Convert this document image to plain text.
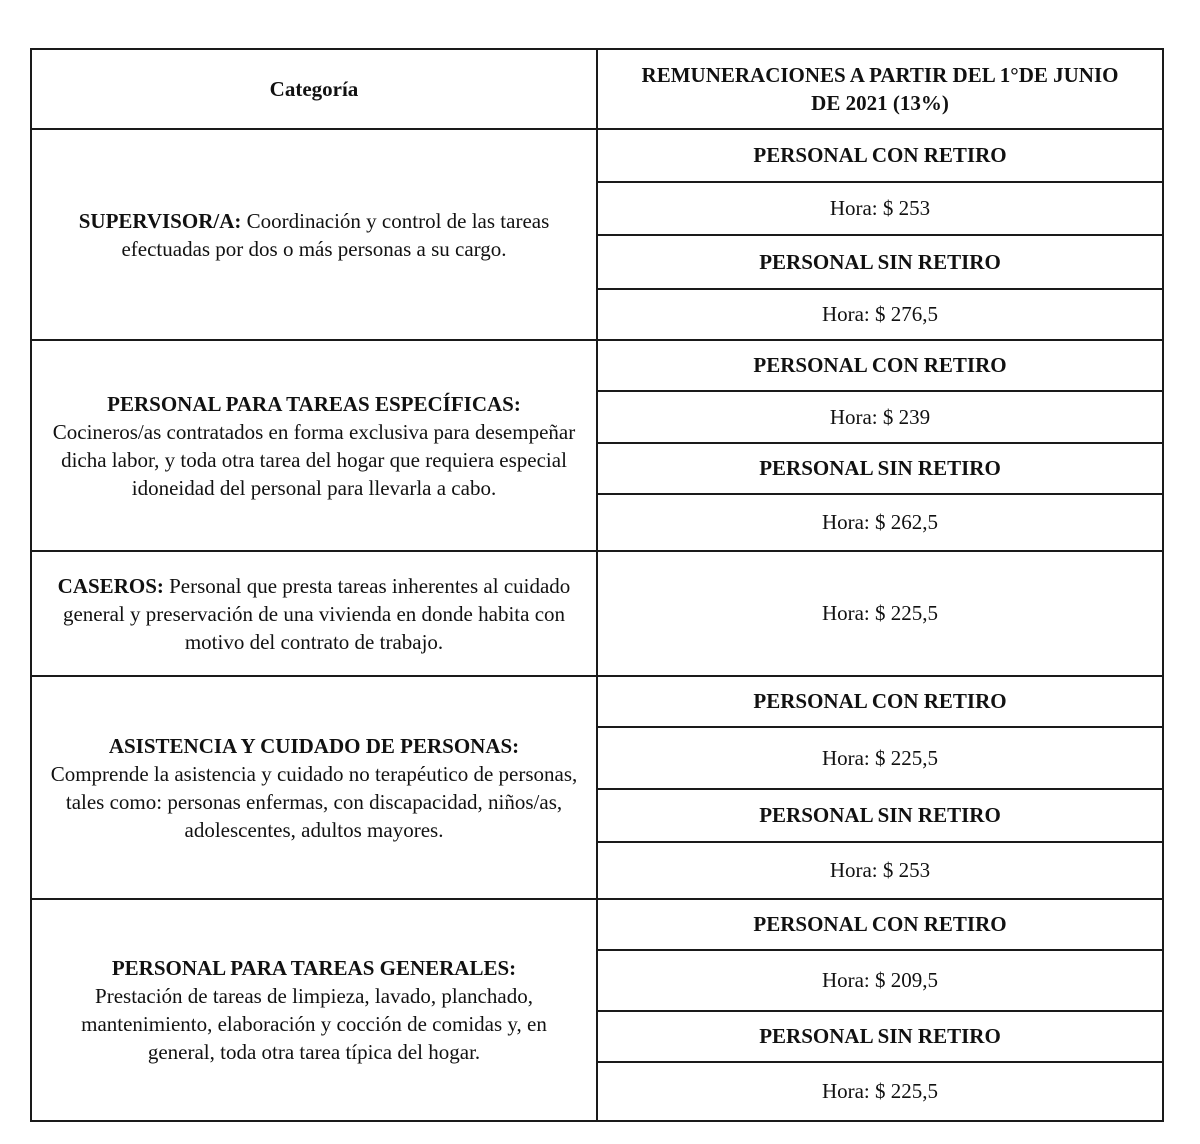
Categoría	REMUNERACIONES A PARTIR DEL 1°DE JUNIO DE 2021 (13%)
SUPERVISOR/A: Coordinación y control de las tareas efectuadas por dos o más personas a su cargo.	PERSONAL CON RETIRO
	Hora: $ 253
	PERSONAL SIN RETIRO
	Hora: $ 276,5

PERSONAL PARA TAREAS ESPECÍFICAS:
Cocineros/as contratados en forma exclusiva para desempeñar dicha labor, y toda otra tarea del hogar que requiera especial idoneidad del personal para llevarla a cabo.	PERSONAL CON RETIRO
	Hora: $ 239
	PERSONAL SIN RETIRO
	Hora: $ 262,5
CASEROS: Personal que presta tareas inherentes al cuidado general y preservación de una vivienda en donde habita con motivo del contrato de trabajo.	Hora: $ 225,5

ASISTENCIA Y CUIDADO DE PERSONAS:
Comprende la asistencia y cuidado no terapéutico de personas, tales como: personas enfermas, con discapacidad, niños/as, adolescentes, adultos mayores.	PERSONAL CON RETIRO
	Hora: $ 225,5
	PERSONAL SIN RETIRO
	Hora: $ 253

PERSONAL PARA TAREAS GENERALES:
Prestación de tareas de limpieza, lavado, planchado, mantenimiento, elaboración y cocción de comidas y, en general, toda otra tarea típica del hogar.	PERSONAL CON RETIRO
	Hora: $ 209,5
	PERSONAL SIN RETIRO
	Hora: $ 225,5
